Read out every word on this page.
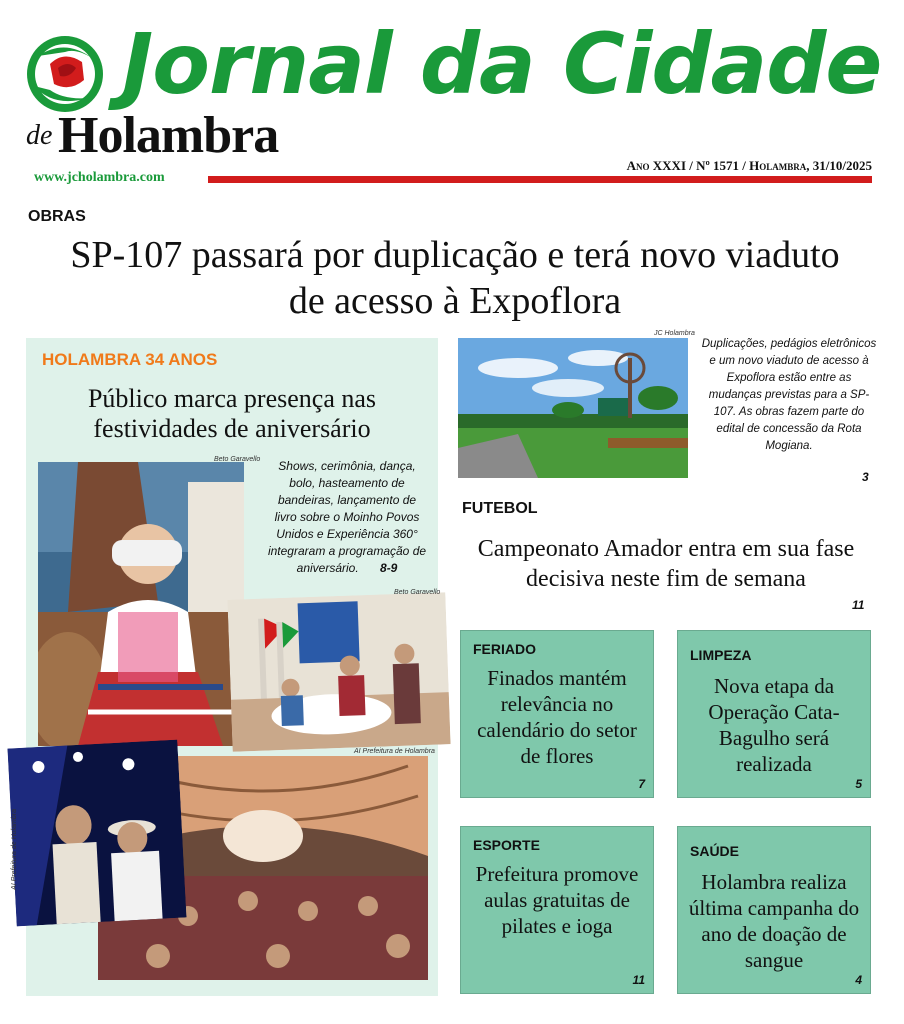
Jornal da Cidade
de Holambra
www.jcholambra.com
Ano XXXI / Nº 1571 / Holambra, 31/10/2025
OBRAS
SP-107 passará por duplicação e terá novo viaduto de acesso à Expoflora
HOLAMBRA 34 ANOS
Público marca presença nas festividades de aniversário
Shows, cerimônia, dança, bolo, hasteamento de bandeiras, lançamento de livro sobre o Moinho Povos Unidos e Experiência 360° integraram a programação de aniversário. 8-9
Beto Garavello
Beto Garavello
AI Prefeitura de Holambra
AI Prefeitura de Holambra
JC Holambra
Duplicações, pedágios eletrônicos e um novo viaduto de acesso à Expoflora estão entre as mudanças previstas para a SP-107. As obras fazem parte do edital de concessão da Rota Mogiana.
3
FUTEBOL
Campeonato Amador entra em sua fase decisiva neste fim de semana
11
FERIADO
Finados mantém relevância no calendário do setor de flores
7
LIMPEZA
Nova etapa da Operação Cata-Bagulho será realizada
5
ESPORTE
Prefeitura promove aulas gratuitas de pilates e ioga
11
SAÚDE
Holambra realiza última campanha do ano de doação de sangue
4
